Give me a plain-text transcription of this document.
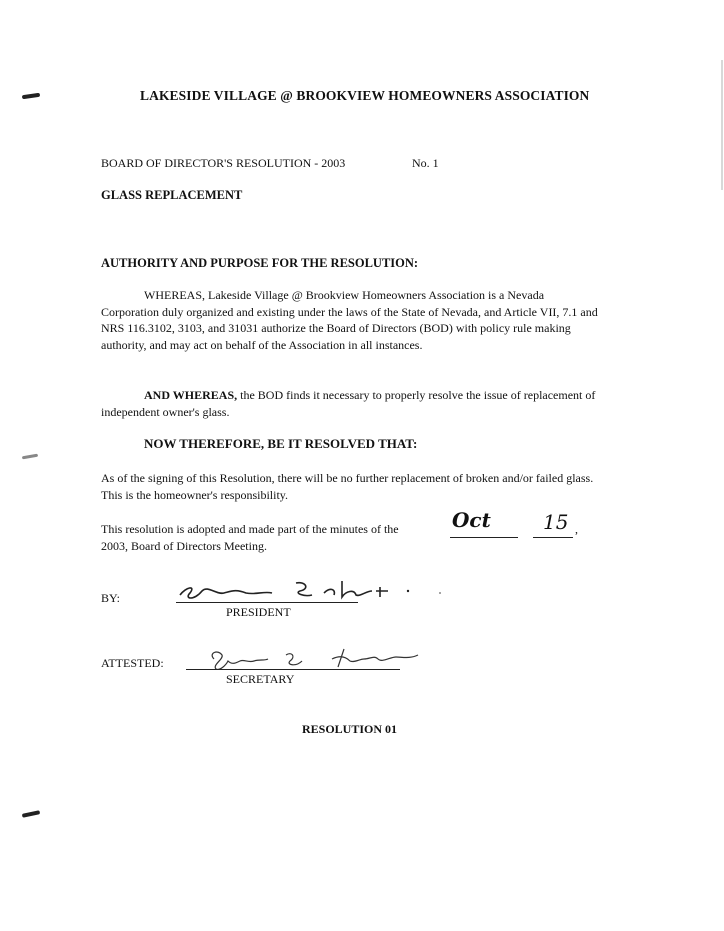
LAKESIDE VILLAGE @ BROOKVIEW HOMEOWNERS ASSOCIATION
BOARD OF DIRECTOR'S RESOLUTION - 2003	No. 1
GLASS REPLACEMENT
AUTHORITY AND PURPOSE FOR THE RESOLUTION:
WHEREAS, Lakeside Village @ Brookview Homeowners Association is a Nevada Corporation duly organized and existing under the laws of the State of Nevada, and Article VII, 7.1 and NRS 116.3102, 3103, and 31031 authorize the Board of Directors (BOD) with policy rule making authority, and may act on behalf of the Association in all instances.
AND WHEREAS, the BOD finds it necessary to properly resolve the issue of replacement of independent owner's glass.
NOW THEREFORE, BE IT RESOLVED THAT:
As of the signing of this Resolution, there will be no further replacement of broken and/or failed glass. This is the homeowner's responsibility.
This resolution is adopted and made part of the minutes of the	Oct	15 ,
2003, Board of Directors Meeting.
BY:
PRESIDENT
ATTESTED:
SECRETARY
RESOLUTION 01
